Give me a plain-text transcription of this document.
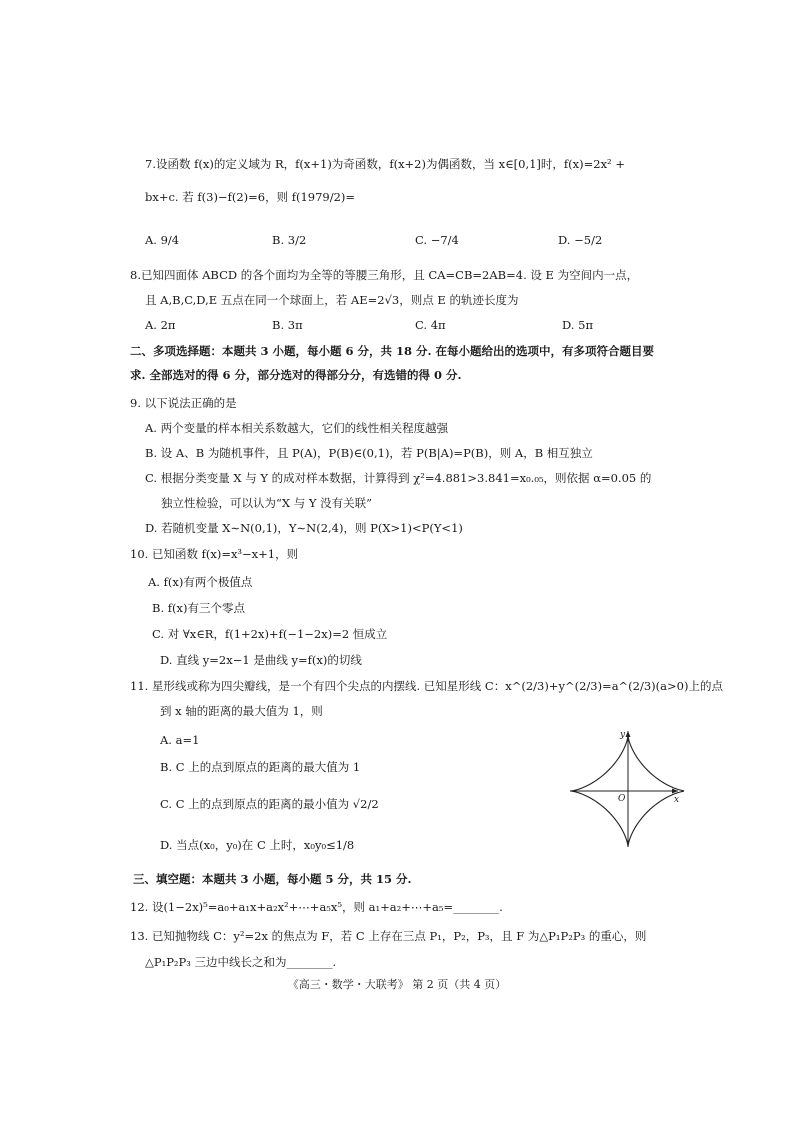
7.设函数 f(x)的定义域为 R，f(x+1)为奇函数，f(x+2)为偶函数，当 x∈[0,1]时，f(x)=2x² +
bx+c. 若 f(3)−f(2)=6，则 f(1979/2)=
A. 9/4	B. 3/2	C. −7/4	D. −5/2
8.已知四面体 ABCD 的各个面均为全等的等腰三角形，且 CA=CB=2AB=4. 设 E 为空间内一点，
且 A,B,C,D,E 五点在同一个球面上，若 AE=2√3，则点 E 的轨迹长度为
A. 2π	B. 3π	C. 4π	D. 5π
二、多项选择题：本题共 3 小题，每小题 6 分，共 18 分. 在每小题给出的选项中，有多项符合题目要
求. 全部选对的得 6 分，部分选对的得部分分，有选错的得 0 分.
9. 以下说法正确的是
A. 两个变量的样本相关系数越大，它们的线性相关程度越强
B. 设 A、B 为随机事件，且 P(A)，P(B)∈(0,1)，若 P(B|A)=P(B)，则 A，B 相互独立
C. 根据分类变量 X 与 Y 的成对样本数据，计算得到 χ²=4.881>3.841=x₀.₀₅，则依据 α=0.05 的
独立性检验，可以认为“X 与 Y 没有关联”
D. 若随机变量 X∼N(0,1)，Y∼N(2,4)，则 P(X>1)<P(Y<1)
10. 已知函数 f(x)=x³−x+1，则
A. f(x)有两个极值点
B. f(x)有三个零点
C. 对 ∀x∈R，f(1+2x)+f(−1−2x)=2 恒成立
D. 直线 y=2x−1 是曲线 y=f(x)的切线
11. 星形线或称为四尖瓣线，是一个有四个尖点的内摆线. 已知星形线 C：x^(2/3)+y^(2/3)=a^(2/3)(a>0)上的点
到 x 轴的距离的最大值为 1，则
A. a=1
B. C 上的点到原点的距离的最大值为 1
C. C 上的点到原点的距离的最小值为 √2/2
D. 当点(x₀，y₀)在 C 上时，x₀y₀≤1/8
y
x
O
三、填空题：本题共 3 小题，每小题 5 分，共 15 分.
12. 设(1−2x)⁵=a₀+a₁x+a₂x²+⋯+a₅x⁵，则 a₁+a₂+⋯+a₅=________.
13. 已知抛物线 C：y²=2x 的焦点为 F，若 C 上存在三点 P₁，P₂，P₃，且 F 为△P₁P₂P₃ 的重心，则
△P₁P₂P₃ 三边中线长之和为________.
《高三・数学・大联考》 第 2 页（共 4 页）
